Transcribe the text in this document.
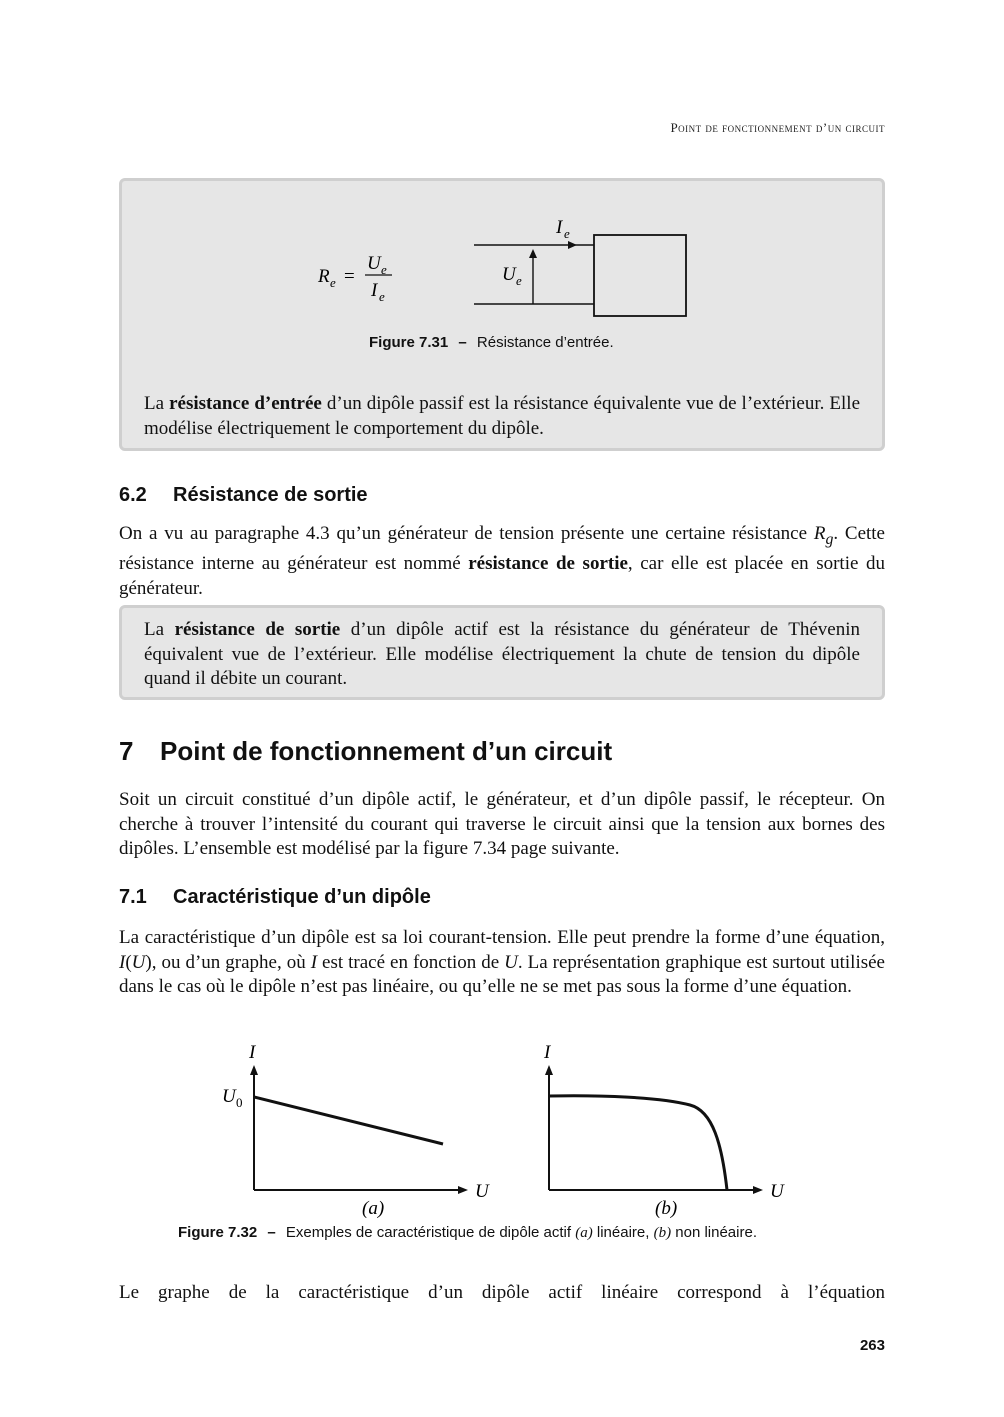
Point de fonctionnement d’un circuit
R e =
U e
I e
I e
U e
Figure 7.31 – Résistance d’entrée.
La résistance d’entrée d’un dipôle passif est la résistance équivalente vue de l’extérieur. Elle modélise électriquement le comportement du dipôle.
6.2 Résistance de sortie
On a vu au paragraphe 4.3 qu’un générateur de tension présente une certaine résistance $R_g$. Cette résistance interne au générateur est nommé résistance de sortie, car elle est placée en sortie du générateur.
La résistance de sortie d’un dipôle actif est la résistance du générateur de Thévenin équivalent vue de l’extérieur. Elle modélise électriquement la chute de tension du dipôle quand il débite un courant.
7 Point de fonctionnement d’un circuit
Soit un circuit constitué d’un dipôle actif, le générateur, et d’un dipôle passif, le récepteur. On cherche à trouver l’intensité du courant qui traverse le circuit ainsi que la tension aux bornes des dipôles. L’ensemble est modélisé par la figure 7.34 page suivante.
7.1 Caractéristique d’un dipôle
La caractéristique d’un dipôle est sa loi courant-tension. Elle peut prendre la forme d’une équation, I(U), ou d’un graphe, où I est tracé en fonction de U. La représentation graphique est surtout utilisée dans le cas où le dipôle n’est pas linéaire, ou qu’elle ne se met pas sous la forme d’une équation.
I
U
U 0
(a)
I
U
(b)
Figure 7.32 – Exemples de caractéristique de dipôle actif (a) linéaire, (b) non linéaire.
Le graphe de la caractéristique d’un dipôle actif linéaire correspond à l’équation
263
